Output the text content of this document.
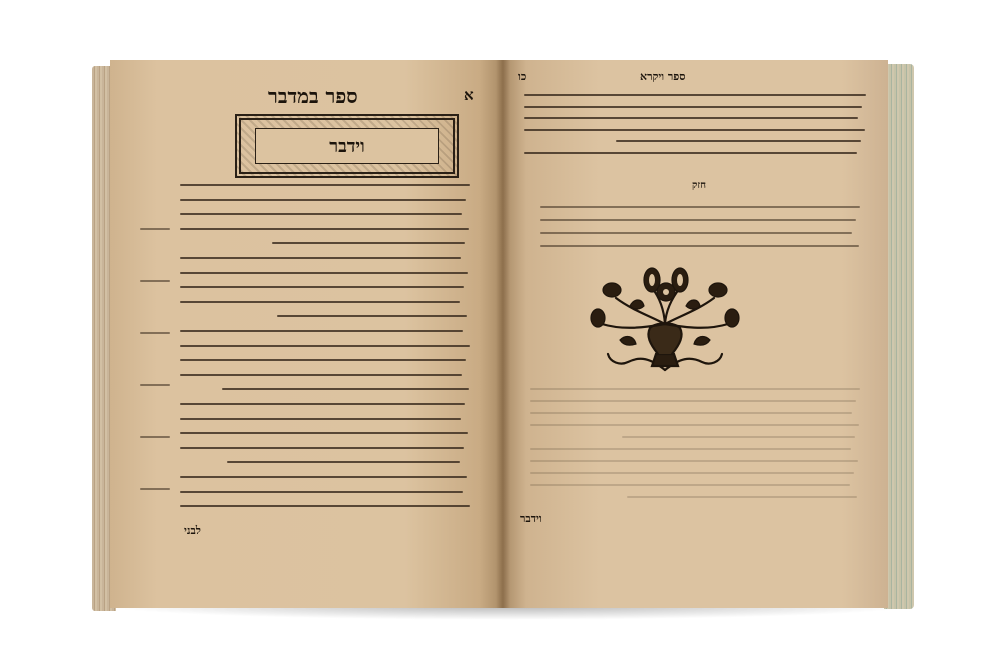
ספר במדבר	א
ספר ויקרא
כו
וידבר
לבני
וידבר
חזק
